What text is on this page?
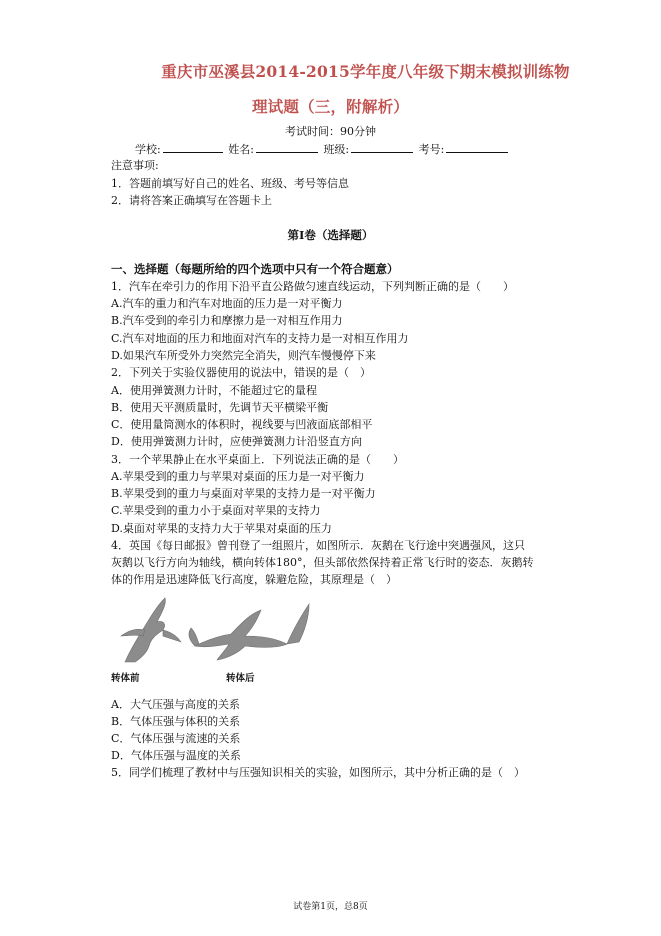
重庆市巫溪县2014-2015学年度八年级下期末模拟训练物
理试题（三，附解析）
考试时间：90分钟
学校:	姓名:	班级:	考号:
注意事项:
1．答题前填写好自己的姓名、班级、考号等信息
2．请将答案正确填写在答题卡上
第I卷（选择题）
一、选择题（每题所给的四个选项中只有一个符合题意）
1．汽车在牵引力的作用下沿平直公路做匀速直线运动，下列判断正确的是（　　）
A.汽车的重力和汽车对地面的压力是一对平衡力
B.汽车受到的牵引力和摩擦力是一对相互作用力
C.汽车对地面的压力和地面对汽车的支持力是一对相互作用力
D.如果汽车所受外力突然完全消失，则汽车慢慢停下来
2．下列关于实验仪器使用的说法中，错误的是（　）
A．使用弹簧测力计时，不能超过它的量程
B．使用天平测质量时，先调节天平横梁平衡
C．使用量筒测水的体积时，视线要与凹液面底部相平
D．使用弹簧测力计时，应使弹簧测力计沿竖直方向
3．一个苹果静止在水平桌面上．下列说法正确的是（　　）
A.苹果受到的重力与苹果对桌面的压力是一对平衡力
B.苹果受到的重力与桌面对苹果的支持力是一对平衡力
C.苹果受到的重力小于桌面对苹果的支持力
D.桌面对苹果的支持力大于苹果对桌面的压力
4．英国《每日邮报》曾刊登了一组照片，如图所示．灰鹅在飞行途中突遇强风，这只
灰鹅以飞行方向为轴线，横向转体180°，但头部依然保持着正常飞行时的姿态．灰鹅转
体的作用是迅速降低飞行高度，躲避危险，其原理是（　）
转体前	转体后
A．大气压强与高度的关系
B．气体压强与体积的关系
C．气体压强与流速的关系
D．气体压强与温度的关系
5．同学们梳理了教材中与压强知识相关的实验，如图所示，其中分析正确的是（　）
试卷第1页，总8页
